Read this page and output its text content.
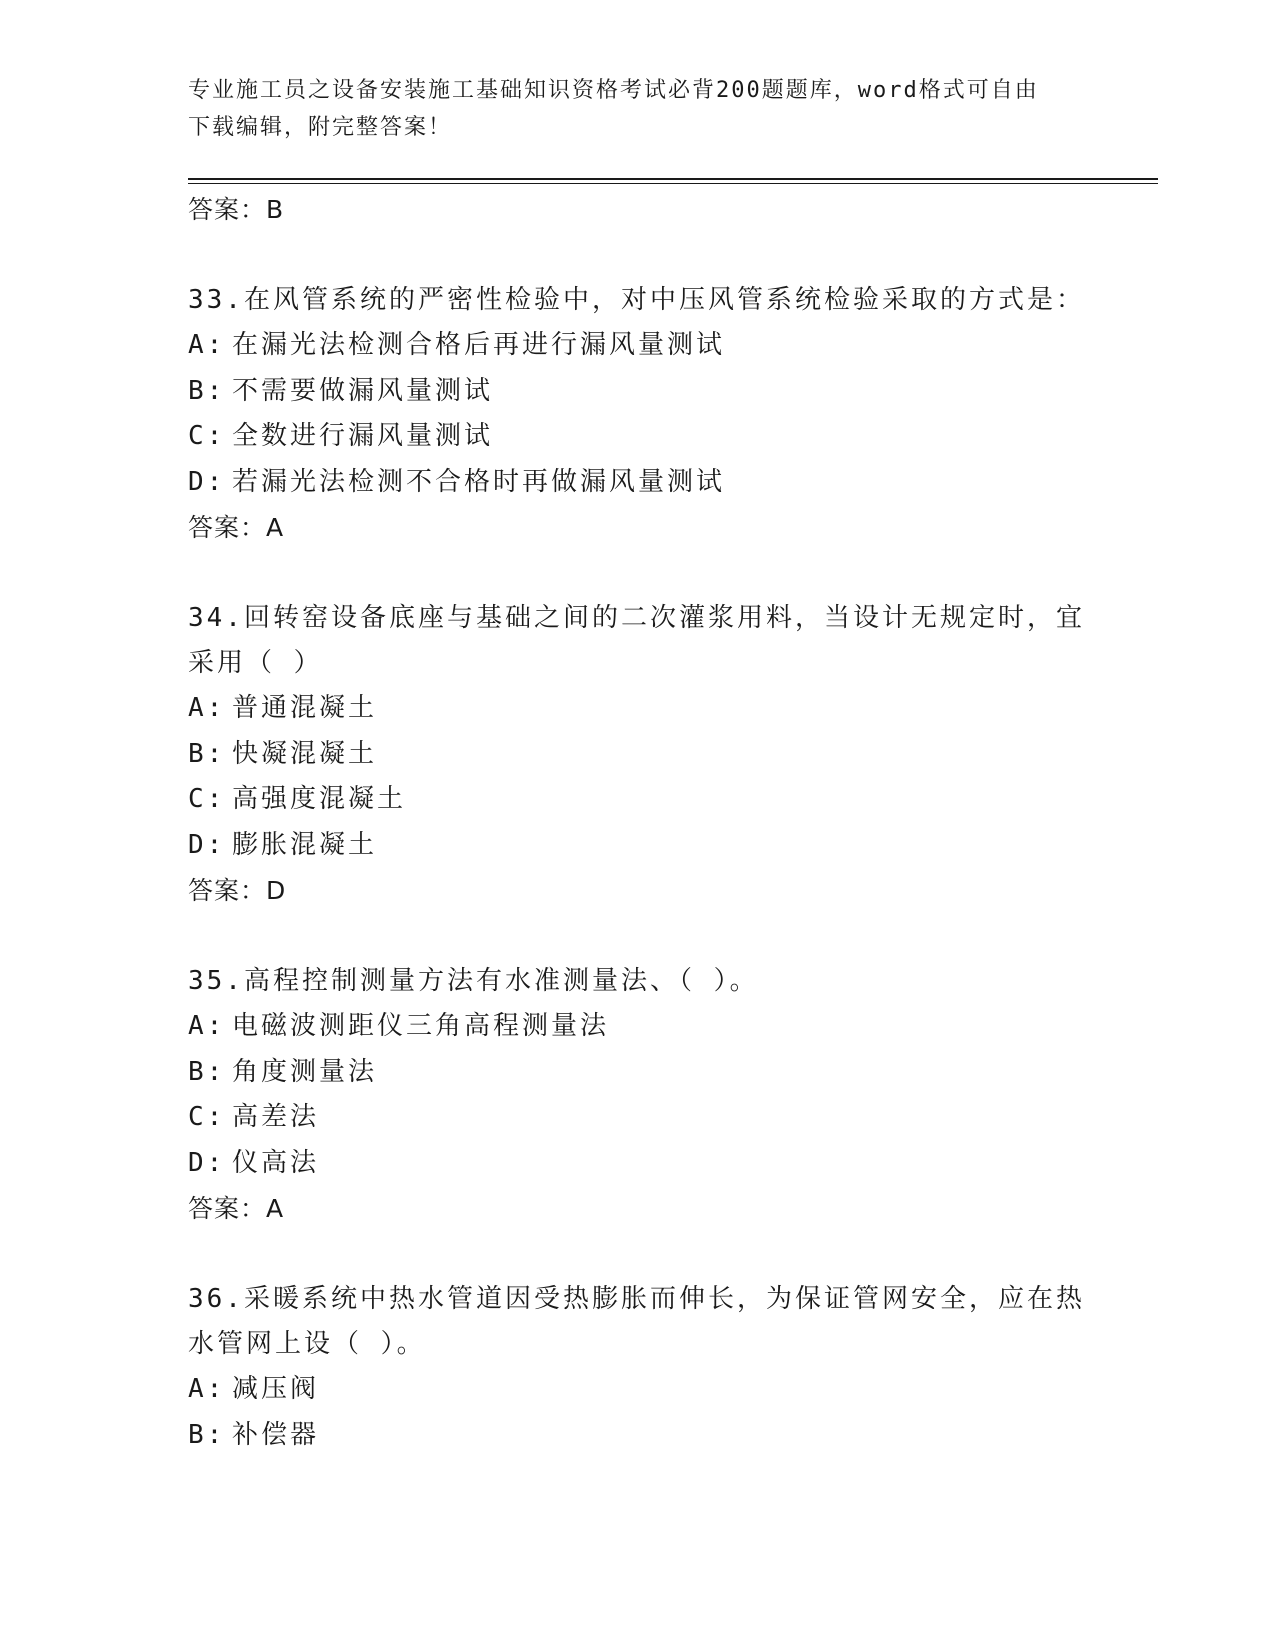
专业施工员之设备安装施工基础知识资格考试必背200题题库，word格式可自由
下载编辑，附完整答案！
答案：B
33.在风管系统的严密性检验中，对中压风管系统检验采取的方式是：
A: 在漏光法检测合格后再进行漏风量测试
B: 不需要做漏风量测试
C: 全数进行漏风量测试
D: 若漏光法检测不合格时再做漏风量测试
答案：A
34.回转窑设备底座与基础之间的二次灌浆用料，当设计无规定时，宜
采用（ ）
A: 普通混凝土
B: 快凝混凝土
C: 高强度混凝土
D: 膨胀混凝土
答案：D
35.高程控制测量方法有水准测量法、（ ）。
A: 电磁波测距仪三角高程测量法
B: 角度测量法
C: 高差法
D: 仪高法
答案：A
36.采暖系统中热水管道因受热膨胀而伸长，为保证管网安全，应在热
水管网上设（ ）。
A: 减压阀
B: 补偿器
